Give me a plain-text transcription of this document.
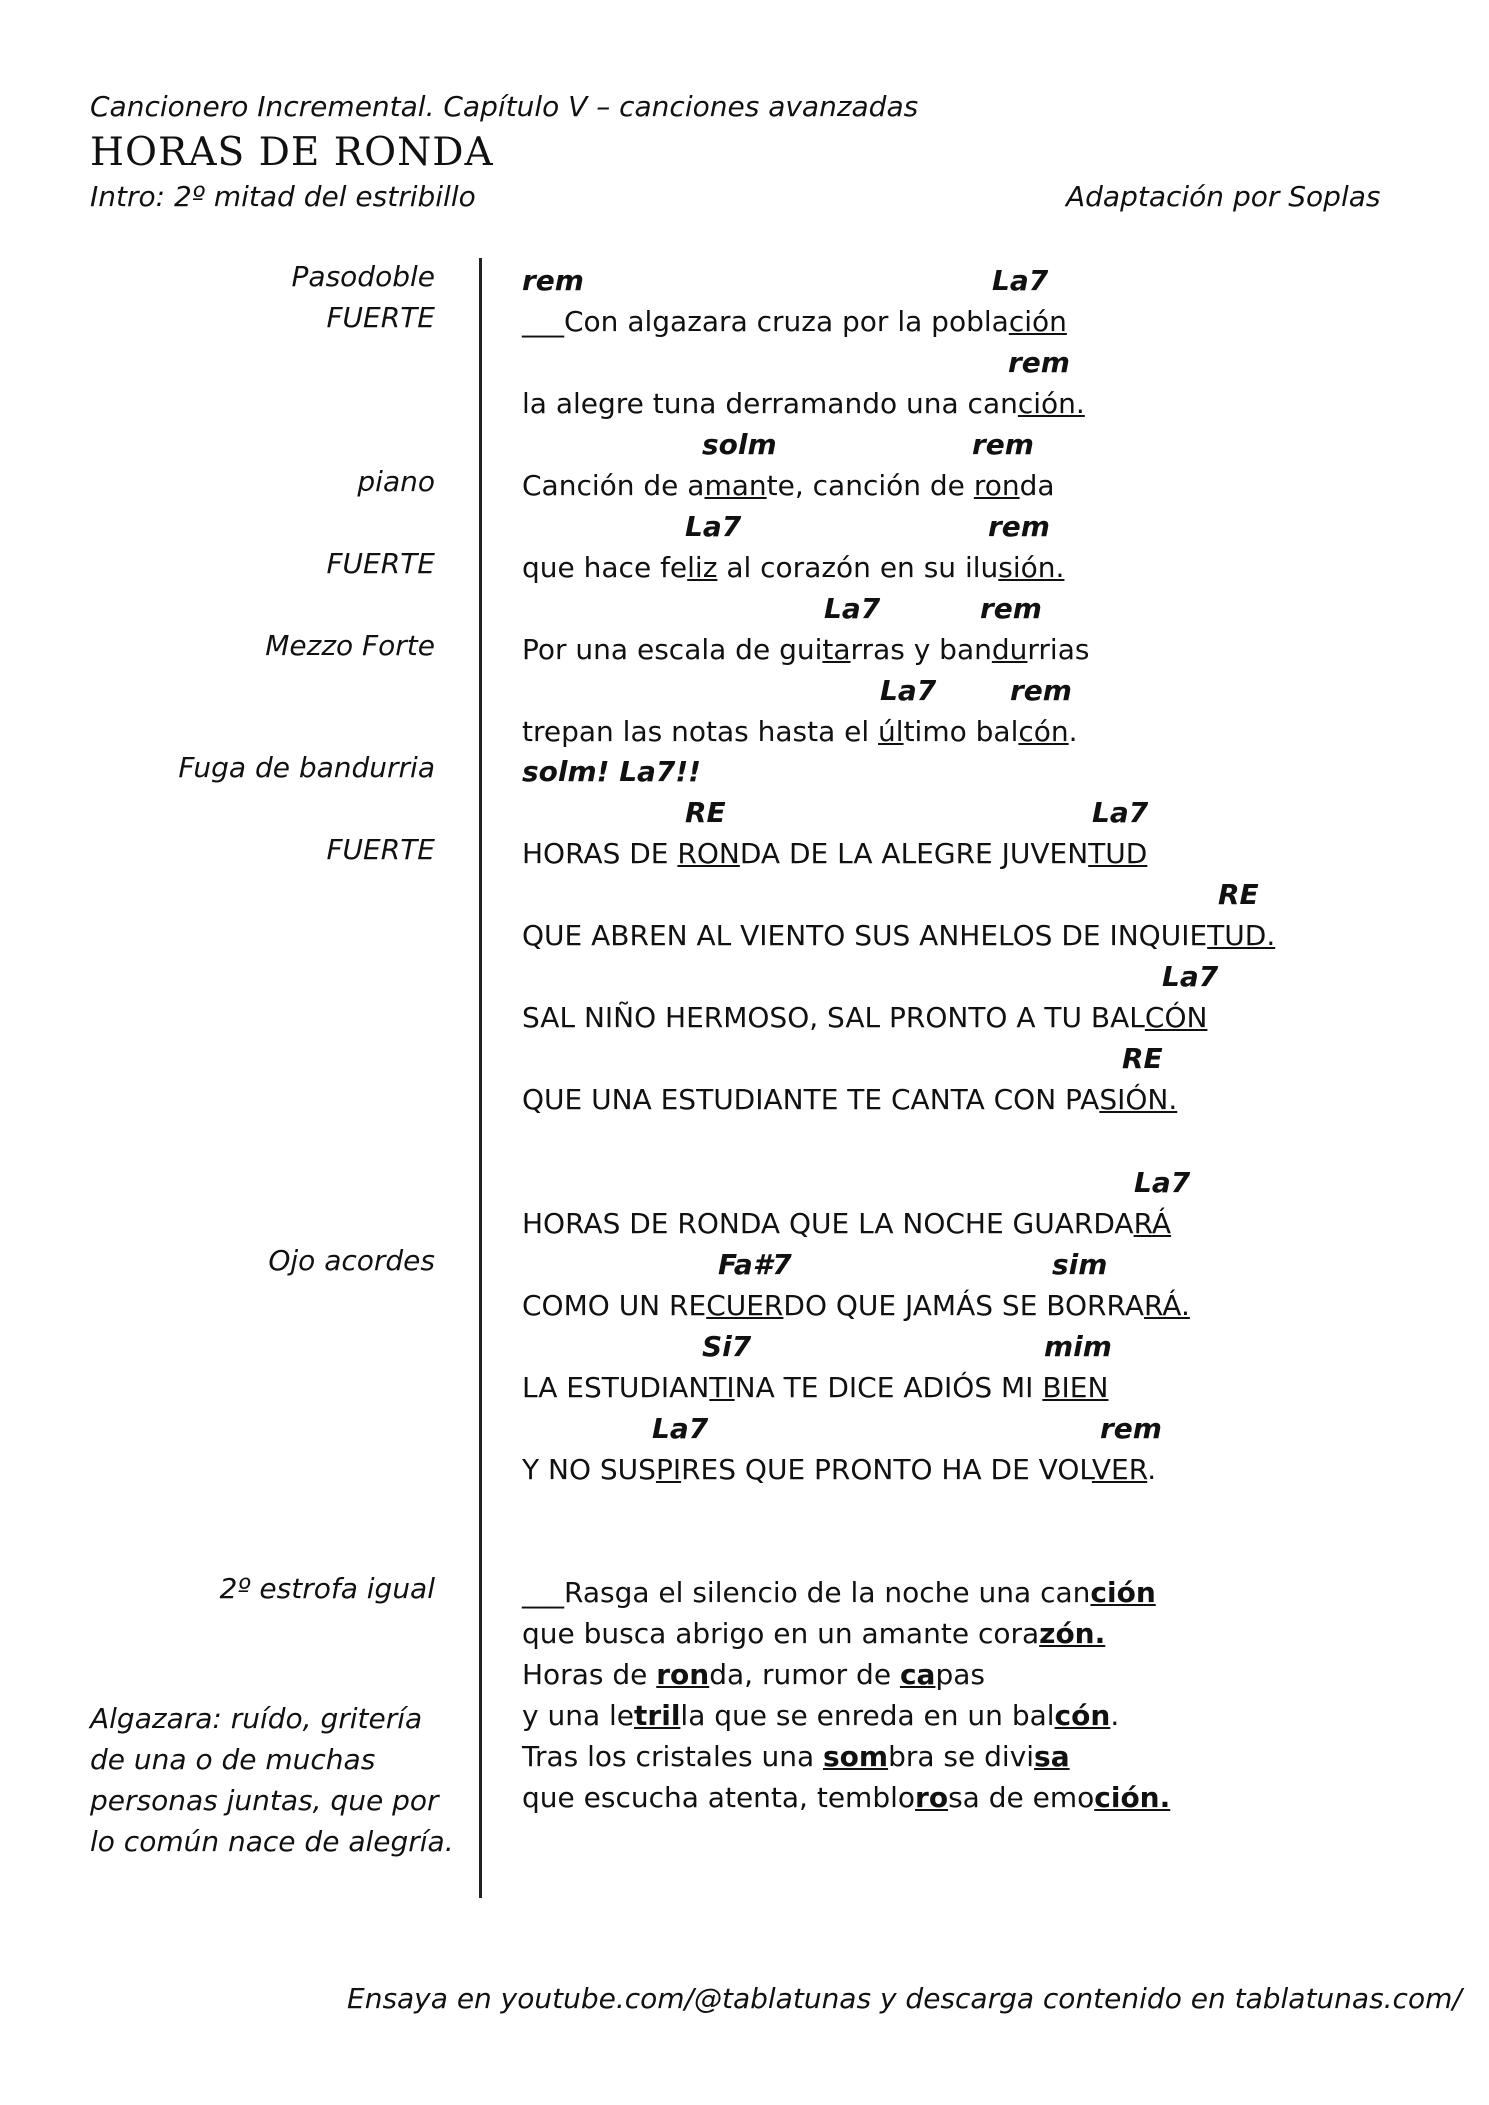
Cancionero Incremental. Capítulo V – canciones avanzadas
HORAS DE RONDA
Intro: 2º mitad del estribillo	Adaptación por Soplas
Pasodoble
FUERTE
piano
FUERTE
Mezzo Forte
Fuga de bandurria
FUERTE
Ojo acordes
2º estrofa igual
Algazara: ruído, gritería
de una o de muchas
personas juntas, que por
lo común nace de alegría.
rem	La7
___Con algazara cruza por la población
rem
la alegre tuna derramando una canción.
solm	rem
Canción de amante, canción de ronda
La7	rem
que hace feliz al corazón en su ilusión.
La7	rem
Por una escala de guitarras y bandurrias
La7	rem
trepan las notas hasta el último balcón.
solm! La7!!
RE	La7
HORAS DE RONDA DE LA ALEGRE JUVENTUD
RE
QUE ABREN AL VIENTO SUS ANHELOS DE INQUIETUD.
La7
SAL NIÑO HERMOSO, SAL PRONTO A TU BALCÓN
RE
QUE UNA ESTUDIANTE TE CANTA CON PASIÓN.
La7
HORAS DE RONDA QUE LA NOCHE GUARDARÁ
Fa#7	sim
COMO UN RECUERDO QUE JAMÁS SE BORRARÁ.
Si7	mim
LA ESTUDIANTINA TE DICE ADIÓS MI BIEN
La7	rem
Y NO SUSPIRES QUE PRONTO HA DE VOLVER.
___Rasga el silencio de la noche una canción
que busca abrigo en un amante corazón.
Horas de ronda, rumor de capas
y una letrilla que se enreda en un balcón.
Tras los cristales una sombra se divisa
que escucha atenta, temblorosa de emoción.
Ensaya en youtube.com/@tablatunas y descarga contenido en tablatunas.com/
